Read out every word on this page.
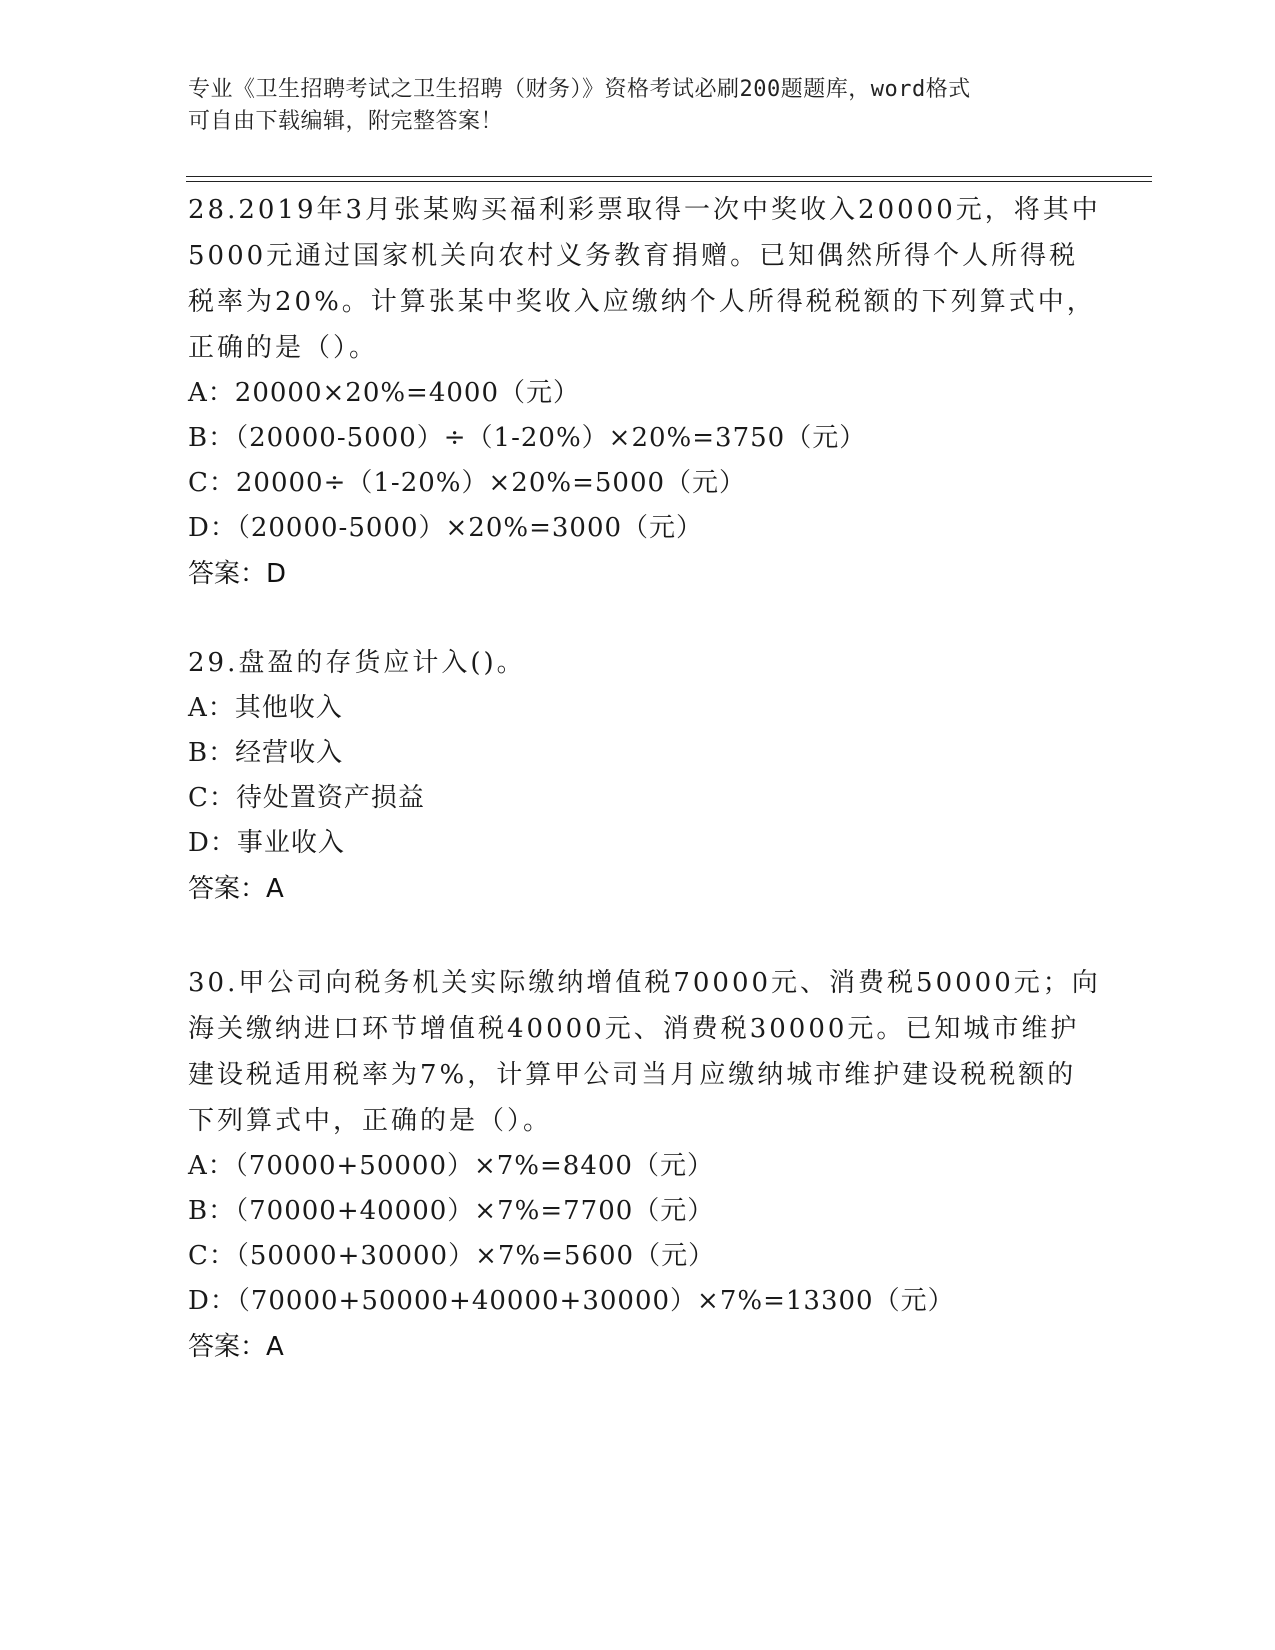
专业《卫生招聘考试之卫生招聘（财务）》资格考试必刷200题题库，word格式
可自由下载编辑，附完整答案！
28.2019年3月张某购买福利彩票取得一次中奖收入20000元，将其中
5000元通过国家机关向农村义务教育捐赠。已知偶然所得个人所得税
税率为20%。计算张某中奖收入应缴纳个人所得税税额的下列算式中，
正确的是（）。
A：20000×20%=4000（元）
B：（20000-5000）÷（1-20%）×20%=3750（元）
C：20000÷（1-20%）×20%=5000（元）
D：（20000-5000）×20%=3000（元）
答案：D
29.盘盈的存货应计入()。
A：其他收入
B：经营收入
C：待处置资产损益
D：事业收入
答案：A
30.甲公司向税务机关实际缴纳增值税70000元、消费税50000元；向
海关缴纳进口环节增值税40000元、消费税30000元。已知城市维护
建设税适用税率为7%，计算甲公司当月应缴纳城市维护建设税税额的
下列算式中，正确的是（）。
A：（70000+50000）×7%=8400（元）
B：（70000+40000）×7%=7700（元）
C：（50000+30000）×7%=5600（元）
D：（70000+50000+40000+30000）×7%=13300（元）
答案：A
